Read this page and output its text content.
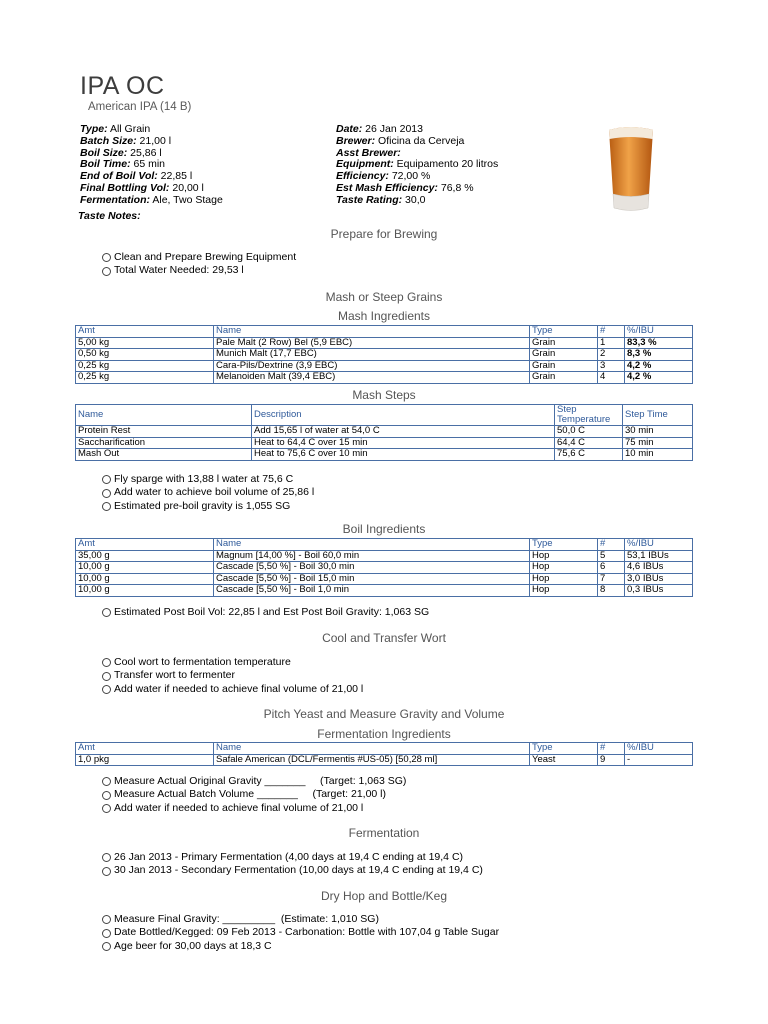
IPA OC
American IPA (14 B)
Type: All Grain
Batch Size: 21,00 l
Boil Size: 25,86 l
Boil Time: 65 min
End of Boil Vol: 22,85 l
Final Bottling Vol: 20,00 l
Fermentation: Ale, Two Stage
Date: 26 Jan 2013
Brewer: Oficina da Cerveja
Asst Brewer:
Equipment: Equipamento 20 litros
Efficiency: 72,00 %
Est Mash Efficiency: 76,8 %
Taste Rating: 30,0
Taste Notes:
Prepare for Brewing
Clean and Prepare Brewing Equipment
Total Water Needed: 29,53 l
Mash or Steep Grains
Mash Ingredients
Amt	Name	Type	#	%/IBU
5,00 kg	Pale Malt (2 Row) Bel (5,9 EBC)	Grain	1	83,3 %
0,50 kg	Munich Malt (17,7 EBC)	Grain	2	8,3 %
0,25 kg	Cara-Pils/Dextrine (3,9 EBC)	Grain	3	4,2 %
0,25 kg	Melanoiden Malt (39,4 EBC)	Grain	4	4,2 %
Mash Steps
Name	Description	Step Temperature	Step Time
Protein Rest	Add 15,65 l of water at 54,0 C	50,0 C	30 min
Saccharification	Heat to 64,4 C over 15 min	64,4 C	75 min
Mash Out	Heat to 75,6 C over 10 min	75,6 C	10 min
Fly sparge with 13,88 l water at 75,6 C
Add water to achieve boil volume of 25,86 l
Estimated pre-boil gravity is 1,055 SG
Boil Ingredients
Amt	Name	Type	#	%/IBU
35,00 g	Magnum [14,00 %] - Boil 60,0 min	Hop	5	53,1 IBUs
10,00 g	Cascade [5,50 %] - Boil 30,0 min	Hop	6	4,6 IBUs
10,00 g	Cascade [5,50 %] - Boil 15,0 min	Hop	7	3,0 IBUs
10,00 g	Cascade [5,50 %] - Boil 1,0 min	Hop	8	0,3 IBUs
Estimated Post Boil Vol: 22,85 l and Est Post Boil Gravity: 1,063 SG
Cool and Transfer Wort
Cool wort to fermentation temperature
Transfer wort to fermenter
Add water if needed to achieve final volume of 21,00 l
Pitch Yeast and Measure Gravity and Volume
Fermentation Ingredients
Amt	Name	Type	#	%/IBU
1,0 pkg	Safale American (DCL/Fermentis #US-05) [50,28 ml]	Yeast	9	-
Measure Actual Original Gravity _______     (Target: 1,063 SG)
Measure Actual Batch Volume _______     (Target: 21,00 l)
Add water if needed to achieve final volume of 21,00 l
Fermentation
26 Jan 2013 - Primary Fermentation (4,00 days at 19,4 C ending at 19,4 C)
30 Jan 2013 - Secondary Fermentation (10,00 days at 19,4 C ending at 19,4 C)
Dry Hop and Bottle/Keg
Measure Final Gravity: _________  (Estimate: 1,010 SG)
Date Bottled/Kegged: 09 Feb 2013 - Carbonation: Bottle with 107,04 g Table Sugar
Age beer for 30,00 days at 18,3 C
